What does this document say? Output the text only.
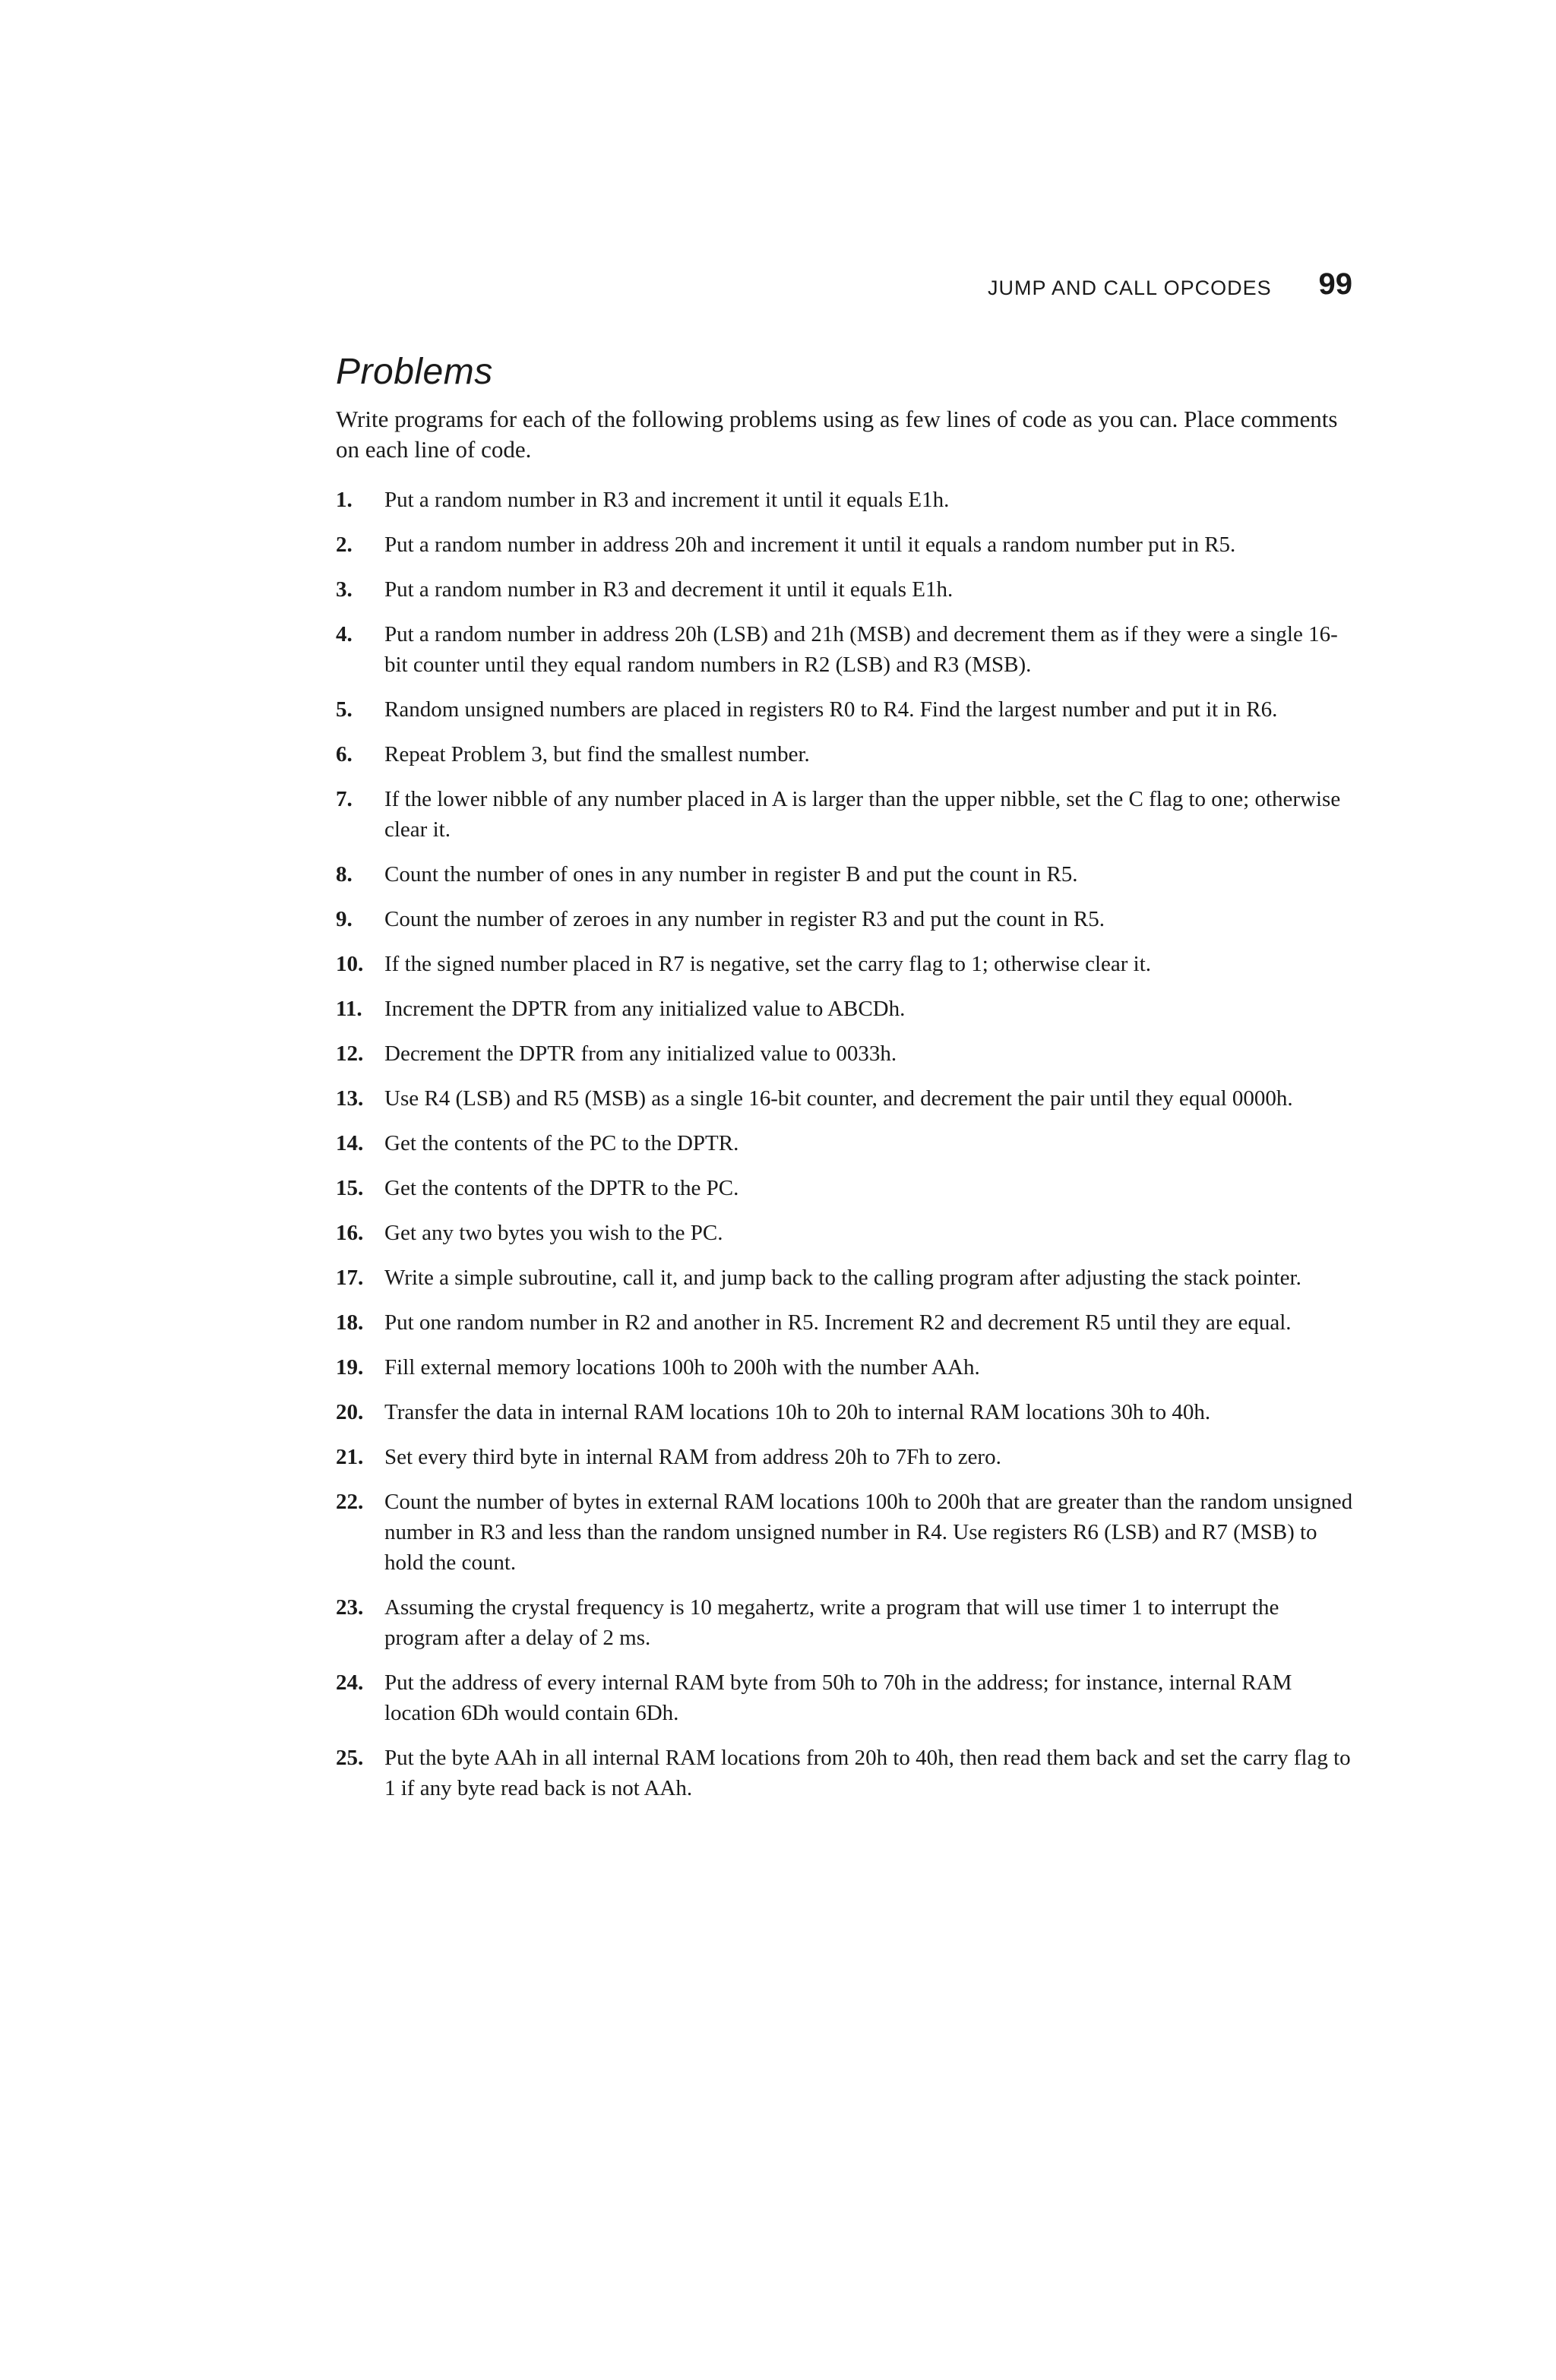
JUMP AND CALL OPCODES 99
Problems

Write programs for each of the following problems using as few lines of code as you can. Place comments on each line of code.

1.	Put a random number in R3 and increment it until it equals E1h.
2.	Put a random number in address 20h and increment it until it equals a random number put in R5.
3.	Put a random number in R3 and decrement it until it equals E1h.
4.	Put a random number in address 20h (LSB) and 21h (MSB) and decrement them as if they were a single 16-bit counter until they equal random numbers in R2 (LSB) and R3 (MSB).
5.	Random unsigned numbers are placed in registers R0 to R4. Find the largest number and put it in R6.
6.	Repeat Problem 3, but find the smallest number.
7.	If the lower nibble of any number placed in A is larger than the upper nibble, set the C flag to one; otherwise clear it.
8.	Count the number of ones in any number in register B and put the count in R5.
9.	Count the number of zeroes in any number in register R3 and put the count in R5.
10. If the signed number placed in R7 is negative, set the carry flag to 1; otherwise clear it.
11.	Increment the DPTR from any initialized value to ABCDh.
12. Decrement the DPTR from any initialized value to 0033h.
13. Use R4 (LSB) and R5 (MSB) as a single 16-bit counter, and decrement the pair until they equal 0000h.
14. Get the contents of the PC to the DPTR.
15. Get the contents of the DPTR to the PC.
16. Get any two bytes you wish to the PC.
17. Write a simple subroutine, call it, and jump back to the calling program after adjusting the stack pointer.
18. Put one random number in R2 and another in R5. Increment R2 and decrement R5 until they are equal.
19. Fill external memory locations 100h to 200h with the number AAh.
20. Transfer the data in internal RAM locations 10h to 20h to internal RAM locations 30h to 40h.
21. Set every third byte in internal RAM from address 20h to 7Fh to zero.
22. Count the number of bytes in external RAM locations 100h to 200h that are greater than the random unsigned number in R3 and less than the random unsigned number in R4. Use registers R6 (LSB) and R7 (MSB) to hold the count.
23. Assuming the crystal frequency is 10 megahertz, write a program that will use timer 1 to interrupt the program after a delay of 2 ms.
24. Put the address of every internal RAM byte from 50h to 70h in the address; for instance, internal RAM location 6Dh would contain 6Dh.
25. Put the byte AAh in all internal RAM locations from 20h to 40h, then read them back and set the carry flag to 1 if any byte read back is not AAh.
